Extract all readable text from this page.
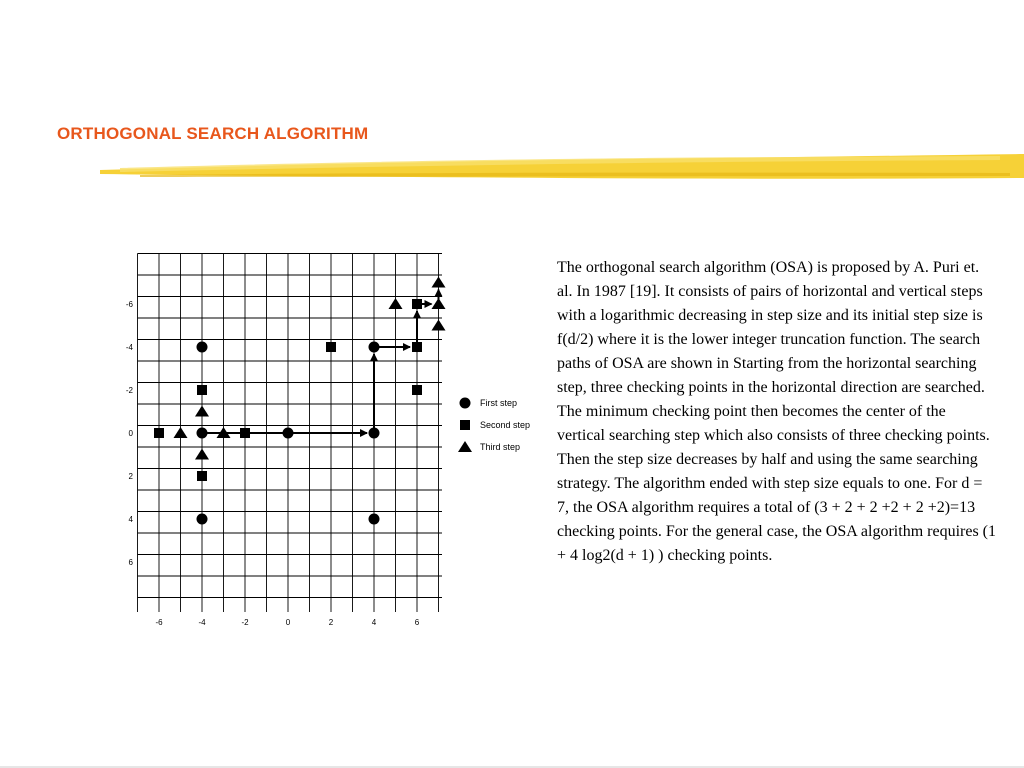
ORTHOGONAL SEARCH ALGORITHM
-6	-4	-2	0	2	4	6
-6
-4
-2
0
2
4
6
First step
Second step
Third step

The orthogonal search algorithm (OSA) is proposed by A. Puri et. al. In 1987 [19]. It consists of pairs of horizontal and vertical steps with a logarithmic decreasing in step size and its initial step size is f(d/2) where it is the lower integer truncation function. The search paths of OSA are shown in Starting from the horizontal searching step, three checking points in the horizontal direction are searched. The minimum checking point then becomes the center of the vertical searching step which also consists of three checking points. Then the step size decreases by half and using the same searching strategy. The algorithm ended with step size equals to one. For d = 7, the OSA algorithm requires a total of (3 + 2 + 2 +2 + 2 +2)=13 checking points. For the general case, the OSA algorithm requires (1 + 4 log2(d + 1) ) checking points.
